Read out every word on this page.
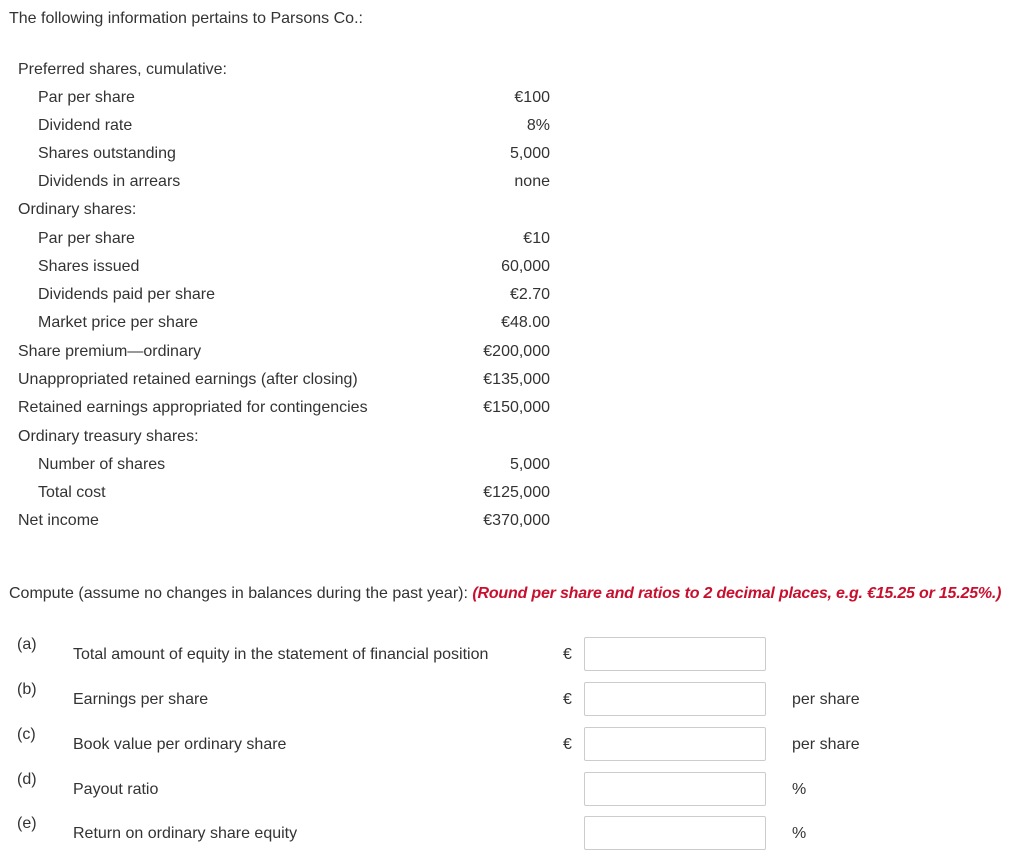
The following information pertains to Parsons Co.:
Preferred shares, cumulative:
Par per share	€100
Dividend rate	8%
Shares outstanding	5,000
Dividends in arrears	none
Ordinary shares:
Par per share	€10
Shares issued	60,000
Dividends paid per share	€2.70
Market price per share	€48.00
Share premium—ordinary	€200,000
Unappropriated retained earnings (after closing)	€135,000
Retained earnings appropriated for contingencies	€150,000
Ordinary treasury shares:
Number of shares	5,000
Total cost	€125,000
Net income	€370,000
Compute (assume no changes in balances during the past year): (Round per share and ratios to 2 decimal places, e.g. €15.25 or 15.25%.)
(a)
Total amount of equity in the statement of financial position	€
(b)
Earnings per share	€	per share
(c)
Book value per ordinary share	€	per share
(d)
Payout ratio	%
(e)
Return on ordinary share equity	%
